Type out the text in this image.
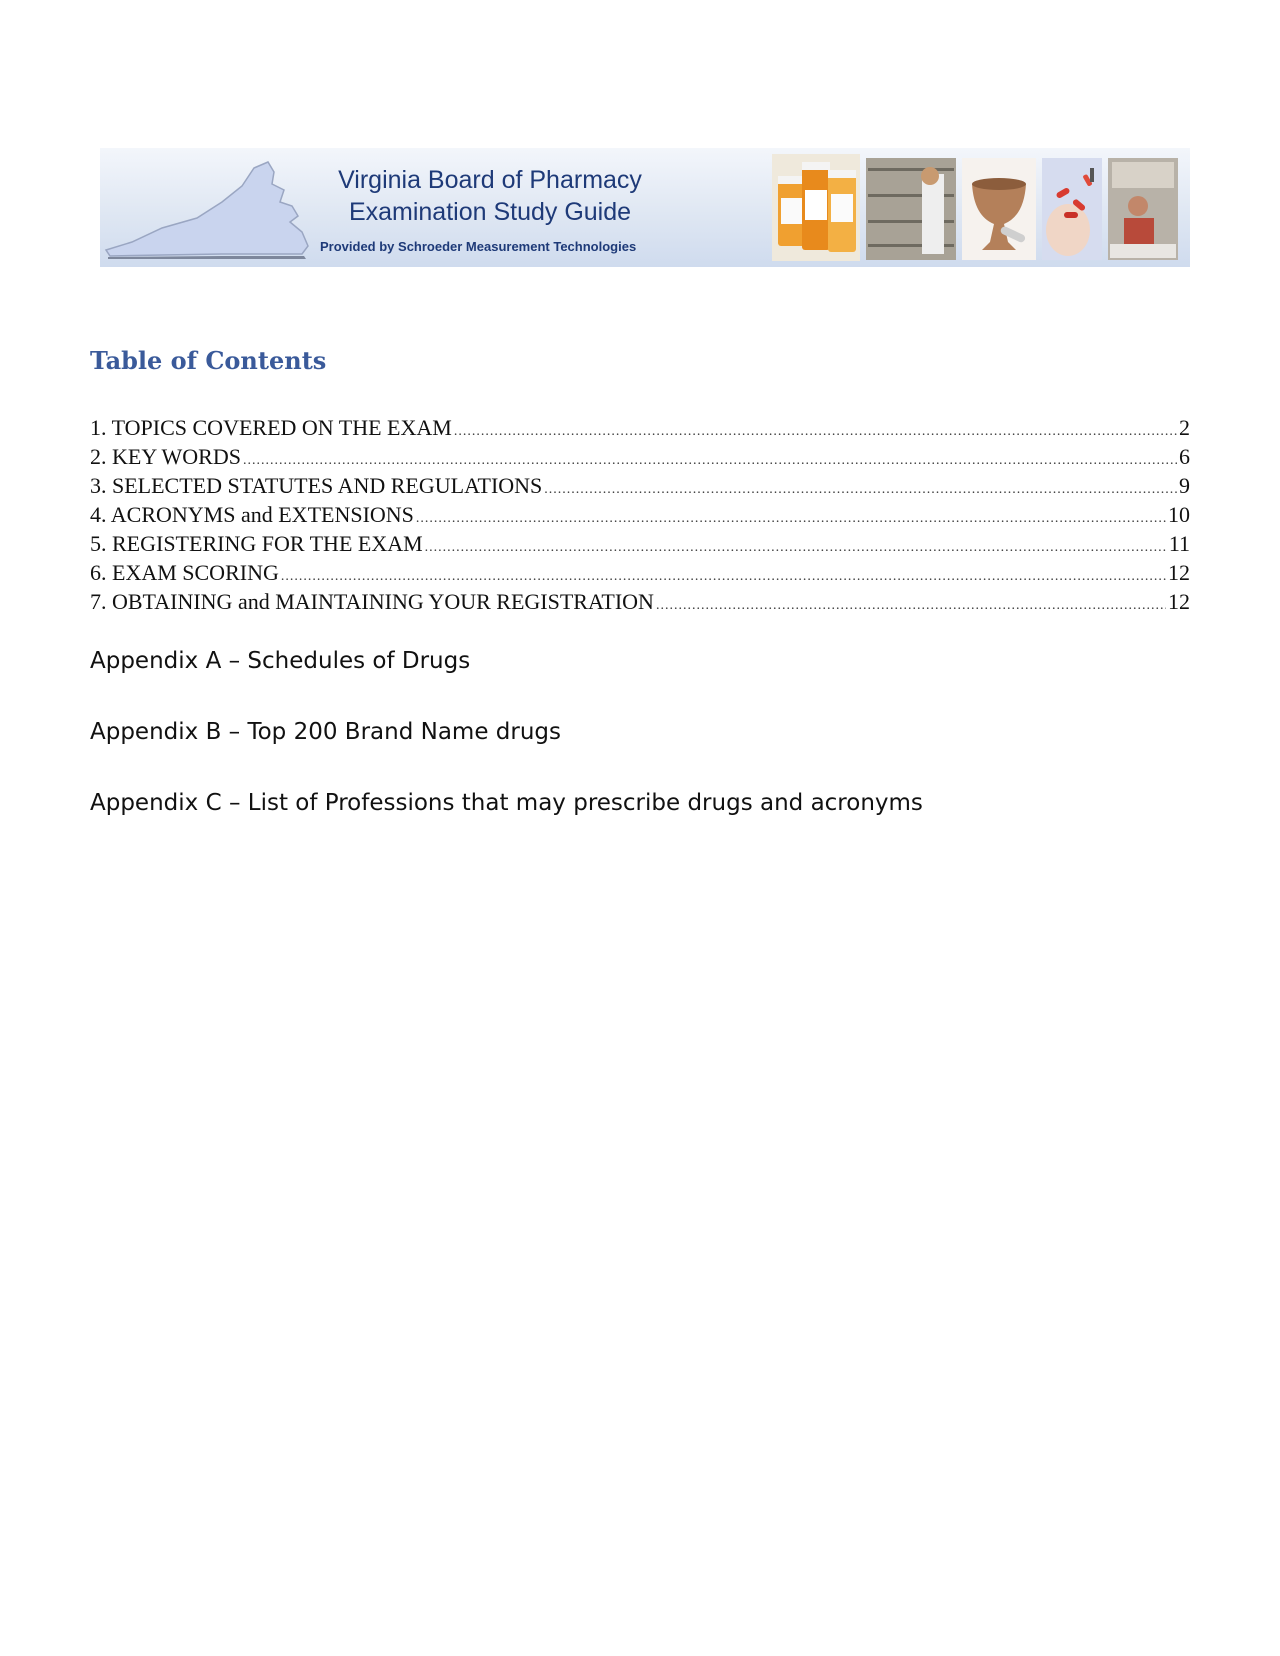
Virginia Board of Pharmacy

Examination Study Guide

Provided by Schroeder Measurement Technologies
Table of Contents
1. TOPICS COVERED ON THE EXAM .....	2
2. KEY WORDS .....	6
3. SELECTED STATUTES AND REGULATIONS .....	9
4. ACRONYMS and EXTENSIONS .....	10
5. REGISTERING FOR THE EXAM .....	11
6. EXAM SCORING .....	12
7. OBTAINING and MAINTAINING YOUR REGISTRATION .....	12

Appendix A – Schedules of Drugs

Appendix B – Top 200 Brand Name drugs

Appendix C – List of Professions that may prescribe drugs and acronyms
